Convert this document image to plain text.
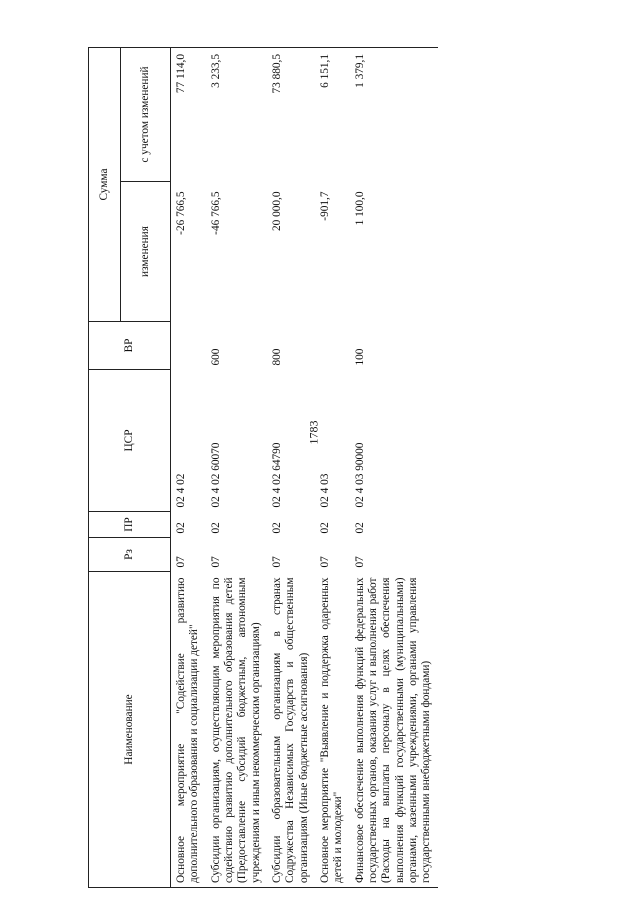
1783
Наименование	Рз	ПР	ЦСР	ВР	Сумма	
					изменения	с учетом изменений
Основное мероприятие "Содействие развитию дополнительного образования и социализации детей"	07	02	02 4 02		-26 766,5	77 114,0
Субсидии организациям, осуществляющим мероприятия по содействию развитию дополнительного образования детей (Предоставление субсидий бюджетным, автономным учреждениям и иным некоммерческим организациям)	07	02	02 4 02 60070	600	-46 766,5	3 233,5
Субсидии образовательным организациям в странах Содружества Независимых Государств и общественным организациям (Иные бюджетные ассигнования)	07	02	02 4 02 64790	800	20 000,0	73 880,5
Основное мероприятие "Выявление и поддержка одаренных детей и молодежи"	07	02	02 4 03		-901,7	6 151,1
Финансовое обеспечение выполнения функций федеральных государственных органов, оказания услуг и выполнения работ (Расходы на выплаты персоналу в целях обеспечения выполнения функций государственными (муниципальными) органами, казенными учреждениями, органами управления государственными внебюджетными фондами)	07	02	02 4 03 90000	100	1 100,0	1 379,1
